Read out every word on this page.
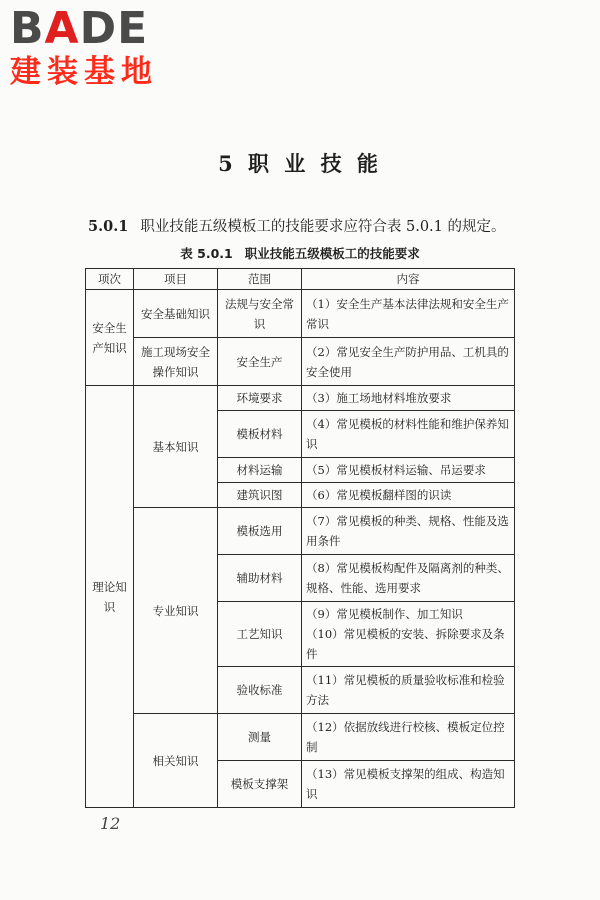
BADE
建装基地
5 职 业 技 能
5.0.1 职业技能五级模板工的技能要求应符合表 5.0.1 的规定。
表 5.0.1 职业技能五级模板工的技能要求
项次	项目	范围	内容
安全生产知识	安全基础知识	法规与安全常识	（1）安全生产基本法律法规和安全生产常识
	施工现场安全操作知识	安全生产	（2）常见安全生产防护用品、工机具的安全使用
理论知识	基本知识	环境要求	（3）施工场地材料堆放要求
		模板材料	（4）常见模板的材料性能和维护保养知识
		材料运输	（5）常见模板材料运输、吊运要求
		建筑识图	（6）常见模板翻样图的识读
	专业知识	模板选用	（7）常见模板的种类、规格、性能及选用条件
		辅助材料	（8）常见模板构配件及隔离剂的种类、规格、性能、选用要求
		工艺知识	（9）常见模板制作、加工知识
（10）常见模板的安装、拆除要求及条件

		验收标准	（11）常见模板的质量验收标准和检验方法
	相关知识	测量	（12）依据放线进行校核、模板定位控制
		模板支撑架	（13）常见模板支撑架的组成、构造知识
12
